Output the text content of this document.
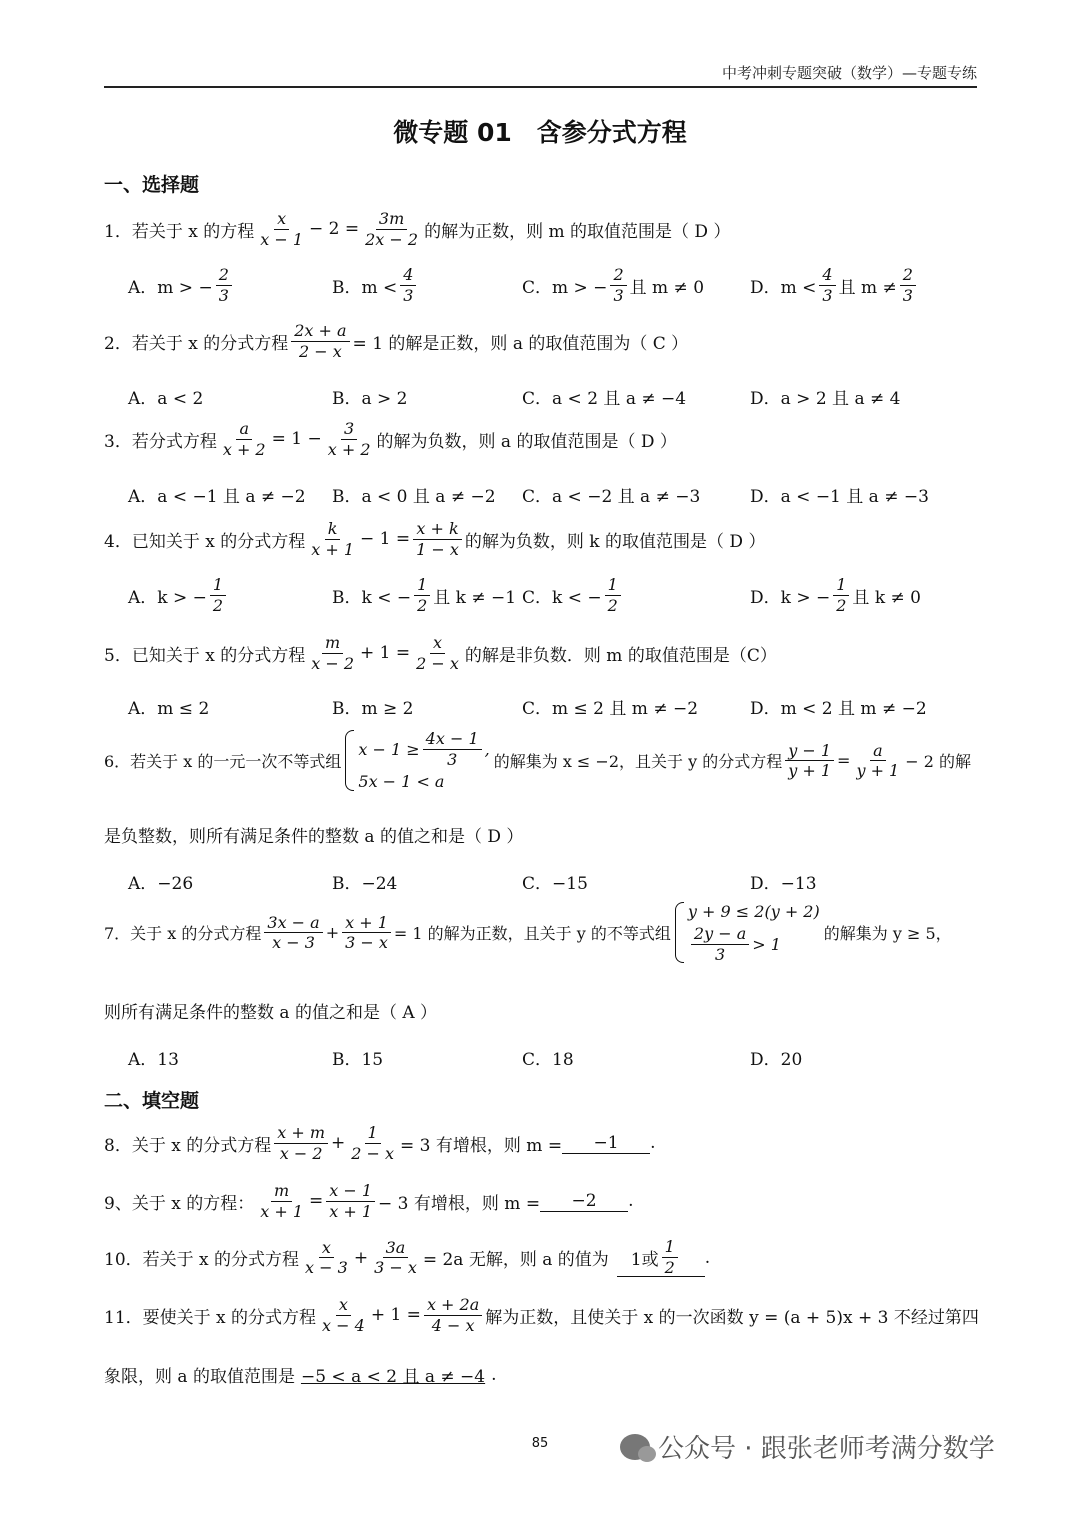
中考冲刺专题突破（数学）—专题专练
微专题 01　含参分式方程
一、选择题
1．若关于 x 的方程 $\frac{x}{x - 1} - 2 = \frac{3m}{2x - 2}$ 的解为正数，则 m 的取值范围是（ D ）
A．m > − $\frac{2}{3}$	B．$m < \frac{4}{3}$	C．m > − $\frac{2}{3}$ 且 m ≠ 0	D．$m < \frac{4}{3}$ 且 $m \ne \frac{2}{3}$
2．若关于 x 的分式方程 $\frac{2x + a}{2 - x} = 1$ 的解是正数，则 a 的取值范围为（ C ）
A．a < 2	B．a > 2	C．a < 2 且 a ≠ −4	D．a > 2 且 a ≠ 4
3．若分式方程 $\frac{a}{x + 2} = 1 - \frac{3}{x + 2}$ 的解为负数，则 a 的取值范围是（ D ）
A．a < −1 且 a ≠ −2 B．a < 0 且 a ≠ −2 C．a < −2 且 a ≠ −3	D．a < −1 且 a ≠ −3
4．已知关于 x 的分式方程 $\frac{k}{x + 1} - 1 = \frac{x + k}{1 - x}$ 的解为负数，则 k 的取值范围是（ D ）
A．k > − $\frac{1}{2}$	B．k < − $\frac{1}{2}$ 且 k ≠ −1 C．k < − $\frac{1}{2}$	D．k > − $\frac{1}{2}$ 且 k ≠ 0
5．已知关于 x 的分式方程 $\frac{m}{x - 2} + 1 = \frac{x}{2 - x}$ 的解是非负数．则 m 的取值范围是（C）
A．m ≤ 2	B．m ≥ 2	C．m ≤ 2 且 m ≠ −2	D．m < 2 且 m ≠ −2
6．若关于 x 的一元一次不等式组
$x - 1 \ge \frac{4x - 1}{3}$ ,
5x − 1 < a
的解集为 x ≤ −2，且关于 y 的分式方程 $\frac{y - 1}{y + 1} = \frac{a}{y + 1} - 2$ 的解
是负整数，则所有满足条件的整数 a 的值之和是（ D ）
A．−26	B．−24	C．−15	D．−13
7．关于 x 的分式方程 $\frac{3x - a}{x - 3} + \frac{x + 1}{3 - x} = 1$ 的解为正数，且关于 y 的不等式组
y + 9 ≤ 2(y + 2)
$\frac{2y - a}{3} > 1$
的解集为 y ≥ 5，
则所有满足条件的整数 a 的值之和是（ A ）
A．13	B．15	C．18	D．20
二、填空题
8．关于 x 的分式方程 $\frac{x + m}{x - 2} + \frac{1}{2 - x} = 3$ 有增根，则 m =	−1	.
9、关于 x 的方程： $\frac{m}{x + 1} = \frac{x - 1}{x + 1} - 3$ 有增根，则 m =	−2	.
10．若关于 x 的分式方程 $\frac{x}{x - 3} + \frac{3a}{3 - x} = 2a$ 无解，则 a 的值为 1或 $\frac{1}{2}$ .
11．要使关于 x 的分式方程 $\frac{x}{x - 4} + 1 = \frac{x + 2a}{4 - x}$ 解为正数，且使关于 x 的一次函数 y = (a + 5)x + 3 不经过第四
象限，则 a 的取值范围是 −5 < a < 2 且 a ≠ −4 .
85	公众号 · 跟张老师考满分数学
